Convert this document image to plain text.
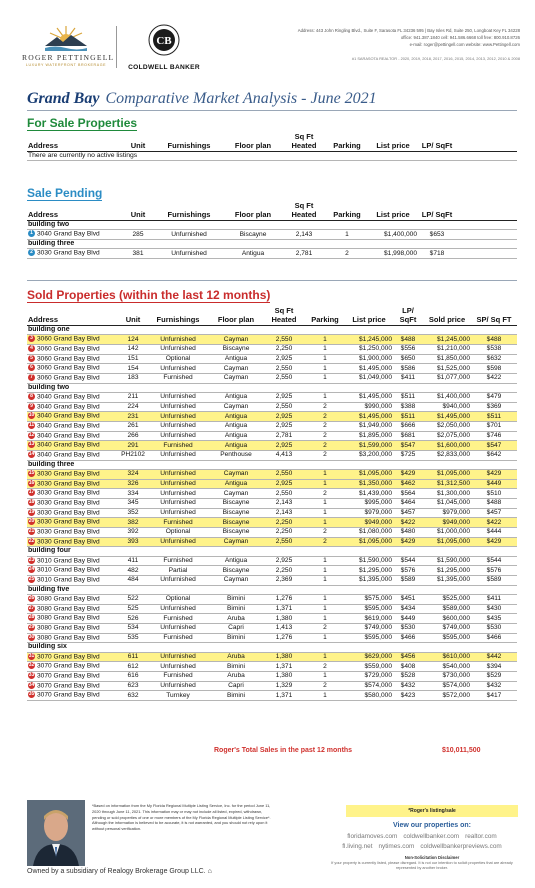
ROGER PETTINGELL
LUXURY WATERFRONT BROKERAGE
CB
COLDWELL BANKER
Address: 443 John Ringling Blvd., Suite F, Sarasota FL 34236 595 | Bay Isles Rd, Suite 250, Longboat Key FL 34228
office: 941.387.1840 cell: 941.586.6668 toll free: 800.910.8726
e-mail: roger@pettingell.com website: www.Pettingell.com
#1 SARASOTA REALTOR - 2020, 2019, 2018, 2017, 2016, 2015, 2014, 2013, 2012, 2010 & 2008
Grand Bay Comparative Market Analysis - June 2021
For Sale Properties
Address	Unit	Furnishings	Floor plan	Sq Ft Heated	Parking	List price	LP/ SqFt	
There are currently no active listings
Sale Pending
Address	Unit	Furnishings	Floor plan	Sq Ft Heated	Parking	List price	LP/ SqFt	
building two								
1 3040 Grand Bay Blvd	285	Unfurnished	Biscayne	2,143	1	$1,400,000	$653	
building three								
2 3030 Grand Bay Blvd	381	Unfurnished	Antigua	2,781	2	$1,998,000	$718	
Sold Properties (within the last 12 months)
Address	Unit	Furnishings	Floor plan	Sq Ft Heated	Parking	List price	LP/ SqFt	Sold price	SP/ Sq FT
building one									
3 3060 Grand Bay Blvd	124	Unfurnished	Cayman	2,550	1	$1,245,000	$488	$1,245,000	$488
4 3060 Grand Bay Blvd	142	Unfurnished	Biscayne	2,250	1	$1,250,000	$556	$1,210,000	$538
5 3060 Grand Bay Blvd	151	Optional	Antigua	2,925	1	$1,900,000	$650	$1,850,000	$632
6 3060 Grand Bay Blvd	154	Unfurnished	Cayman	2,550	1	$1,495,000	$586	$1,525,000	$598
7 3060 Grand Bay Blvd	183	Furnished	Cayman	2,550	1	$1,049,000	$411	$1,077,000	$422
building two									
8 3040 Grand Bay Blvd	211	Unfurnished	Antigua	2,925	1	$1,495,000	$511	$1,400,000	$479
9 3040 Grand Bay Blvd	224	Unfurnished	Cayman	2,550	2	$990,000	$388	$940,000	$369
10 3040 Grand Bay Blvd	231	Unfurnished	Antigua	2,925	2	$1,495,000	$511	$1,495,000	$511
11 3040 Grand Bay Blvd	261	Unfurnished	Antigua	2,925	2	$1,949,000	$666	$2,050,000	$701
12 3040 Grand Bay Blvd	266	Unfurnished	Antigua	2,781	2	$1,895,000	$681	$2,075,000	$746
13 3040 Grand Bay Blvd	291	Furnished	Antigua	2,925	2	$1,599,000	$547	$1,600,000	$547
14 3040 Grand Bay Blvd	PH2102	Unfurnished	Penthouse	4,413	2	$3,200,000	$725	$2,833,000	$642
building three									
15 3030 Grand Bay Blvd	324	Unfurnished	Cayman	2,550	1	$1,095,000	$429	$1,095,000	$429
16 3030 Grand Bay Blvd	326	Unfurnished	Antigua	2,925	1	$1,350,000	$462	$1,312,500	$449
17 3030 Grand Bay Blvd	334	Unfurnished	Cayman	2,550	2	$1,439,000	$564	$1,300,000	$510
18 3030 Grand Bay Blvd	345	Unfurnished	Biscayne	2,143	1	$995,000	$464	$1,045,000	$488
19 3030 Grand Bay Blvd	352	Unfurnished	Biscayne	2,143	1	$979,000	$457	$979,000	$457
20 3030 Grand Bay Blvd	382	Furnished	Biscayne	2,250	1	$949,000	$422	$949,000	$422
21 3030 Grand Bay Blvd	392	Optional	Biscayne	2,250	2	$1,080,000	$480	$1,000,000	$444
22 3030 Grand Bay Blvd	393	Unfurnished	Cayman	2,550	2	$1,095,000	$429	$1,095,000	$429
building four									
23 3010 Grand Bay Blvd	411	Furnished	Antigua	2,925	1	$1,590,000	$544	$1,590,000	$544
24 3010 Grand Bay Blvd	482	Partial	Biscayne	2,250	1	$1,295,000	$576	$1,295,000	$576
25 3010 Grand Bay Blvd	484	Unfurnished	Cayman	2,369	1	$1,395,000	$589	$1,395,000	$589
building five									
26 3080 Grand Bay Blvd	522	Optional	Bimini	1,276	1	$575,000	$451	$525,000	$411
27 3080 Grand Bay Blvd	525	Unfurnished	Bimini	1,371	1	$595,000	$434	$589,000	$430
28 3080 Grand Bay Blvd	526	Furnished	Aruba	1,380	1	$619,000	$449	$600,000	$435
29 3080 Grand Bay Blvd	534	Unfurnished	Capri	1,413	2	$749,000	$530	$749,000	$530
30 3080 Grand Bay Blvd	535	Furnished	Bimini	1,276	1	$595,000	$466	$595,000	$466
building six									
31 3070 Grand Bay Blvd	611	Unfurnished	Aruba	1,380	1	$629,000	$456	$610,000	$442
32 3070 Grand Bay Blvd	612	Unfurnished	Bimini	1,371	2	$559,000	$408	$540,000	$394
33 3070 Grand Bay Blvd	616	Furnished	Aruba	1,380	1	$729,000	$528	$730,000	$529
34 3070 Grand Bay Blvd	623	Unfurnished	Capri	1,329	2	$574,000	$432	$574,000	$432
35 3070 Grand Bay Blvd	632	Turnkey	Bimini	1,371	1	$580,000	$423	$572,000	$417
Roger's Total Sales in the past 12 months	$10,011,500
*Based on information from the My Florida Regional Multiple Listing Service, Inc. for the period June 11, 2020 through June 11, 2021. This information may or may not include all listed, expired, withdrawn, pending or sold properties of one or more members of the My Florida Regional Multiple Listing Service*. Although the information is believed to be accurate, it is not warranted, and you should not rely upon it without personal verification.
Owned by a subsidiary of Realogy Brokerage Group LLC. ⌂
*Roger's listing/sale
View our properties on:
floridamoves.com coldwellbanker.com realtor.com
fl.living.net nytimes.com coldwellbankerpreviews.com
Non-Solicitation Disclaimer
If your property is currently listed, please disregard. It is not our intention to solicit properties that are already represented by another broker.
